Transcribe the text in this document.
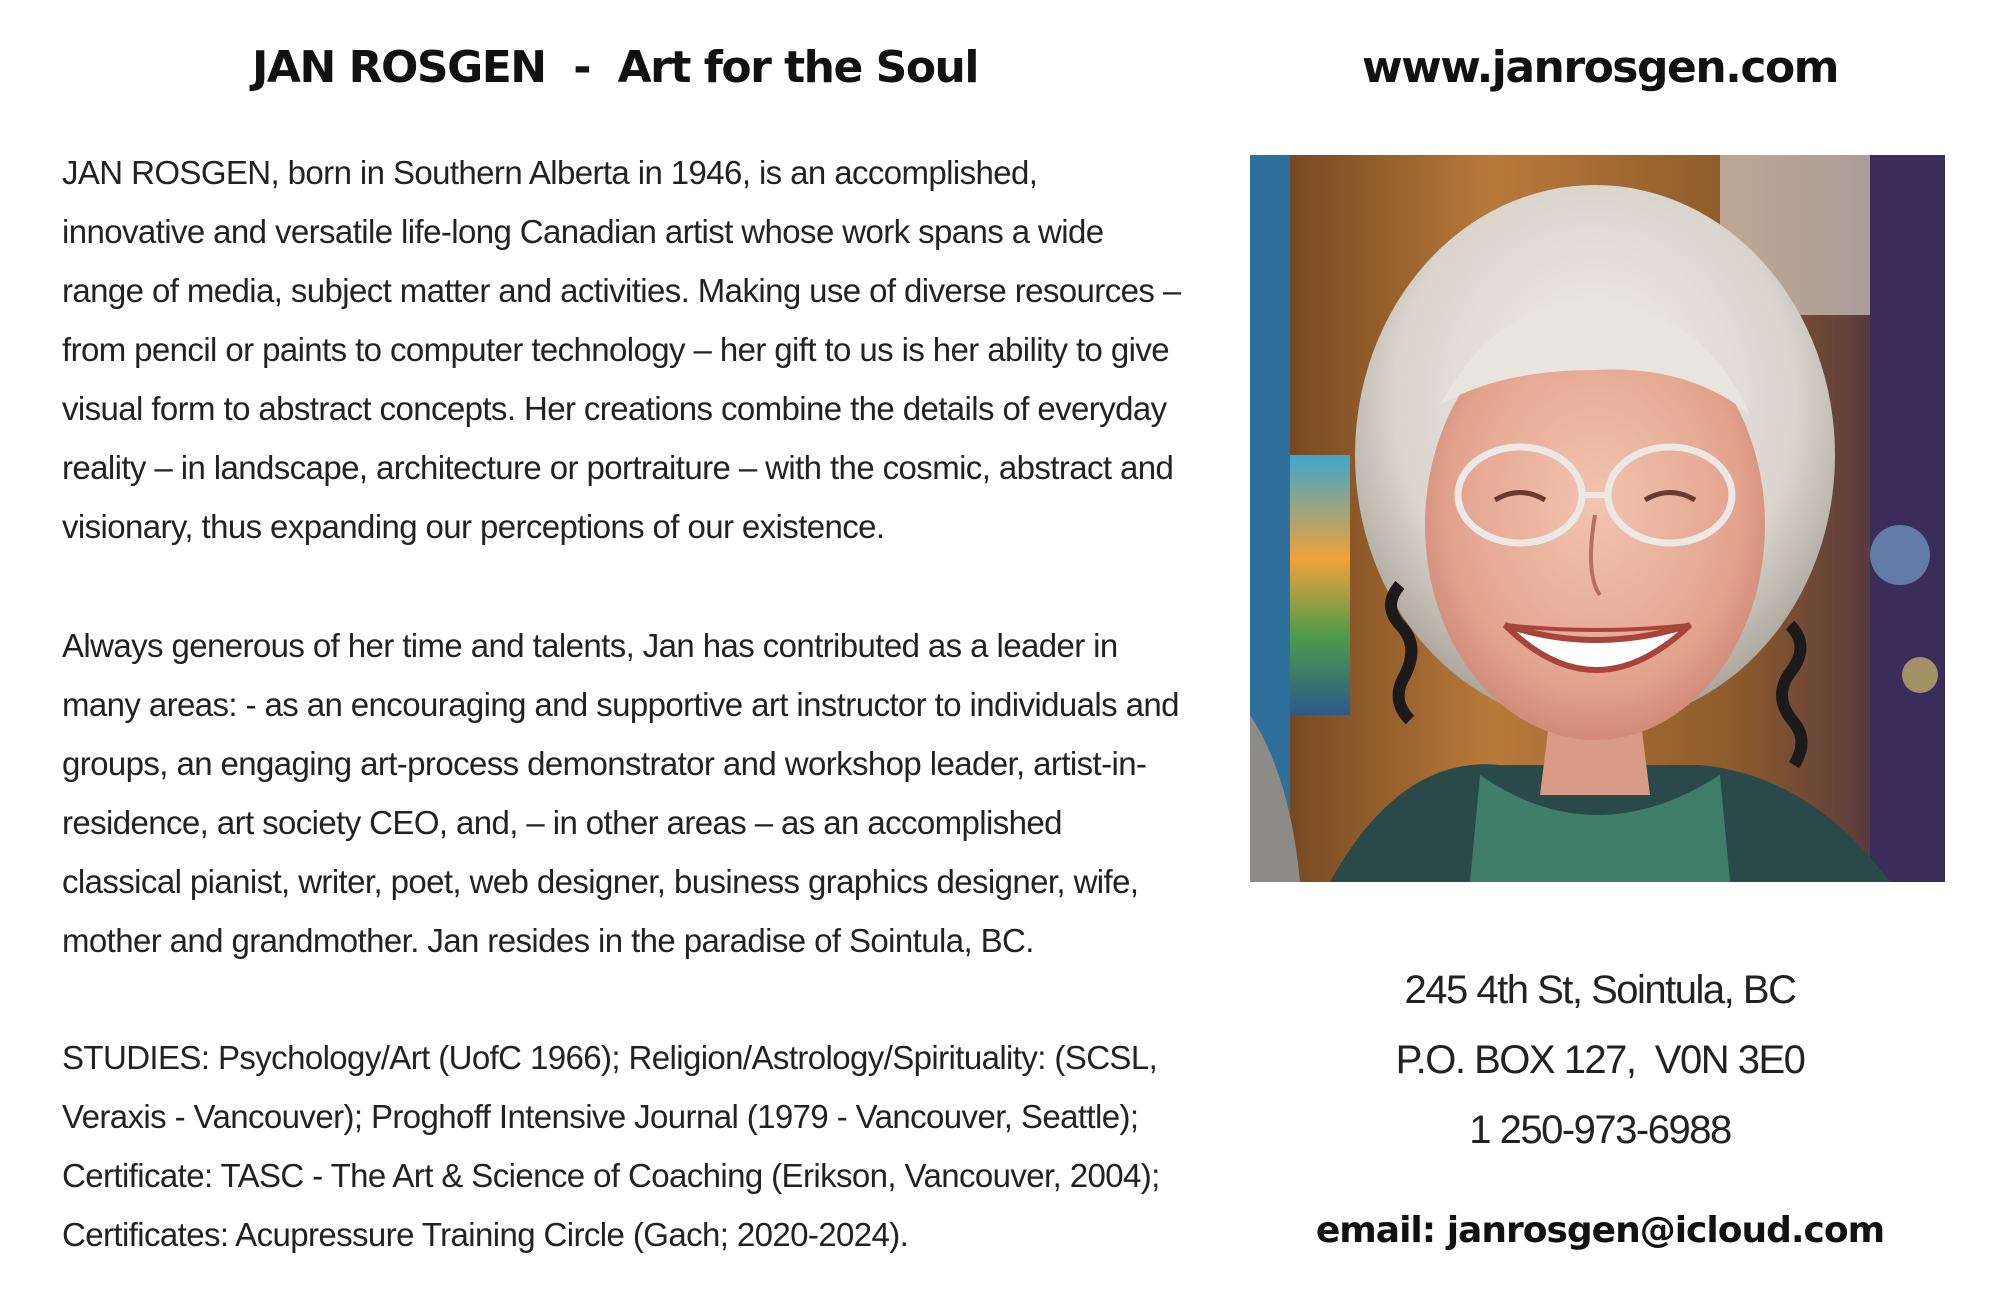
JAN ROSGEN  -  Art for the Soul	www.janrosgen.com

JAN ROSGEN, born in Southern Alberta in 1946, is an accomplished, innovative and versatile life-long Canadian artist whose work spans a wide range of media, subject matter and activities. Making use of diverse resources – from pencil or paints to computer technology – her gift to us is her ability to give visual form to abstract concepts. Her creations combine the details of everyday reality – in landscape, architecture or portraiture – with the cosmic, abstract and visionary, thus expanding our perceptions of our existence.

Always generous of her time and talents, Jan has contributed as a leader in many areas: - as an encouraging and supportive art instructor to individuals and groups, an engaging art-process demonstrator and workshop leader, artist-in-residence, art society CEO, and, – in other areas – as an accomplished classical pianist, writer, poet, web designer, business graphics designer, wife, mother and grandmother. Jan resides in the paradise of Sointula, BC.

STUDIES: Psychology/Art (UofC 1966); Religion/Astrology/Spirituality: (SCSL, Veraxis - Vancouver); Proghoff Intensive Journal (1979 - Vancouver, Seattle); Certificate: TASC - The Art & Science of Coaching (Erikson, Vancouver, 2004); Certificates: Acupressure Training Circle (Gach; 2020-2024).

245 4th St, Sointula, BC

P.O. BOX 127,  V0N 3E0

1 250-973-6988

email: janrosgen@icloud.com
